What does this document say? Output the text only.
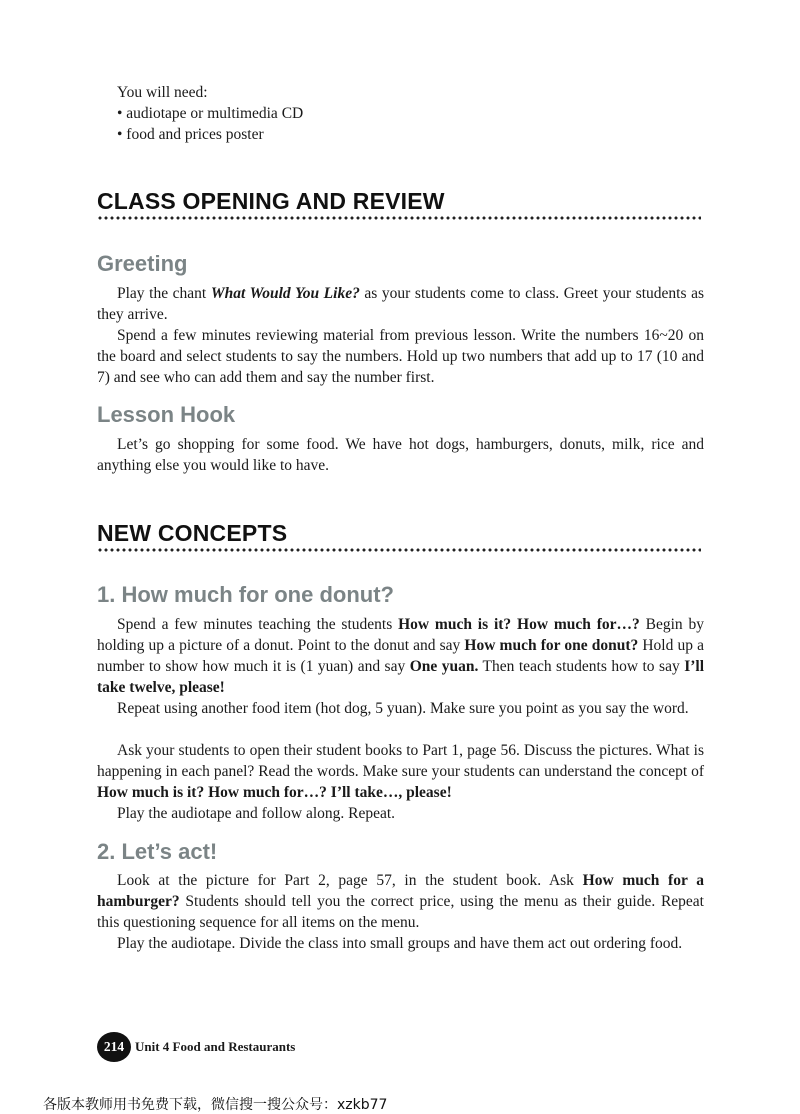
You will need:
• audiotape or multimedia CD
• food and prices poster
CLASS OPENING AND REVIEW
Greeting

Play the chant What Would You Like? as your students come to class. Greet your students as they arrive.

Spend a few minutes reviewing material from previous lesson. Write the numbers 16~20 on the board and select students to say the numbers. Hold up two numbers that add up to 17 (10 and 7) and see who can add them and say the number first.

Lesson Hook

Let’s go shopping for some food. We have hot dogs, hamburgers, donuts, milk, rice and anything else you would like to have.

NEW CONCEPTS
1. How much for one donut?

Spend a few minutes teaching the students How much is it? How much for…? Begin by holding up a picture of a donut. Point to the donut and say How much for one donut? Hold up a number to show how much it is (1 yuan) and say One yuan. Then teach students how to say I’ll take twelve, please!

Repeat using another food item (hot dog, 5 yuan). Make sure you point as you say the word.

Ask your students to open their student books to Part 1, page 56. Discuss the pictures. What is happening in each panel? Read the words. Make sure your students can understand the concept of How much is it? How much for…? I’ll take…, please!

Play the audiotape and follow along. Repeat.

2. Let’s act!

Look at the picture for Part 2, page 57, in the student book. Ask How much for a hamburger? Students should tell you the correct price, using the menu as their guide. Repeat this questioning sequence for all items on the menu.

Play the audiotape. Divide the class into small groups and have them act out ordering food.

214 Unit 4 Food and Restaurants
各版本教师用书免费下载，微信搜一搜公众号：xzkb77
